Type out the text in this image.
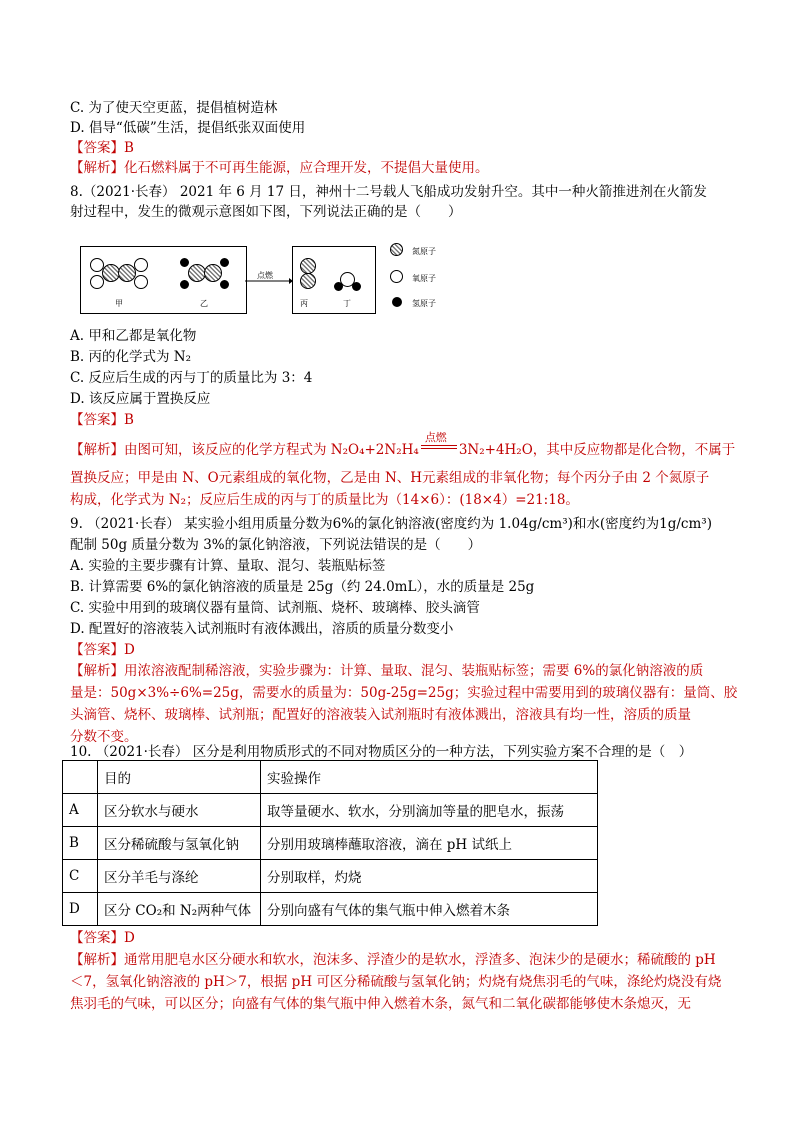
C. 为了使天空更蓝，提倡植树造林
D. 倡导“低碳”生活，提倡纸张双面使用
【答案】B
【解析】化石燃料属于不可再生能源，应合理开发，不提倡大量使用。
8.（2021·长春） 2021 年 6 月 17 日，神州十二号载人飞船成功发射升空。其中一种火箭推进剂在火箭发
射过程中，发生的微观示意图如下图，下列说法正确的是（　　）
甲	乙
点燃
丙	丁
氮原子
氧原子
氢原子
A. 甲和乙都是氧化物
B. 丙的化学式为 N₂
C. 反应后生成的丙与丁的质量比为 3：4
D. 该反应属于置换反应
【答案】B
【解析】由图可知，该反应的化学方程式为 N₂O₄+2N₂H₄
点燃
3N₂+4H₂O，其中反应物都是化合物，不属于
置换反应；甲是由 N、O元素组成的氧化物，乙是由 N、H元素组成的非氧化物；每个丙分子由 2 个氮原子
构成，化学式为 N₂；反应后生成的丙与丁的质量比为（14×6）：(18×4）=21:18。
9. （2021·长春） 某实验小组用质量分数为6%的氯化钠溶液(密度约为 1.04g/cm³)和水(密度约为1g/cm³)
配制 50g 质量分数为 3%的氯化钠溶液，下列说法错误的是（　　）
A. 实验的主要步骤有计算、量取、混匀、装瓶贴标签
B. 计算需要 6%的氯化钠溶液的质量是 25g（约 24.0mL），水的质量是 25g
C. 实验中用到的玻璃仪器有量筒、试剂瓶、烧杯、玻璃棒、胶头滴管
D. 配置好的溶液装入试剂瓶时有液体溅出，溶质的质量分数变小
【答案】D
【解析】用浓溶液配制稀溶液，实验步骤为：计算、量取、混匀、装瓶贴标签；需要 6%的氯化钠溶液的质
量是：50g×3%÷6%=25g，需要水的质量为：50g-25g=25g；实验过程中需要用到的玻璃仪器有：量筒、胶
头滴管、烧杯、玻璃棒、试剂瓶；配置好的溶液装入试剂瓶时有液体溅出，溶液具有均一性，溶质的质量
分数不变。
10. （2021·长春） 区分是利用物质形式的不同对物质区分的一种方法，下列实验方案不合理的是（　）
	目的	实验操作
A	区分软水与硬水	取等量硬水、软水，分别滴加等量的肥皂水，振荡
B	区分稀硫酸与氢氧化钠	分别用玻璃棒蘸取溶液，滴在 pH 试纸上
C	区分羊毛与涤纶	分别取样，灼烧
D	区分 CO₂和 N₂两种气体	分别向盛有气体的集气瓶中伸入燃着木条
【答案】D
【解析】通常用肥皂水区分硬水和软水，泡沫多、浮渣少的是软水，浮渣多、泡沫少的是硬水；稀硫酸的 pH
＜7，氢氧化钠溶液的 pH＞7，根据 pH 可区分稀硫酸与氢氧化钠；灼烧有烧焦羽毛的气味，涤纶灼烧没有烧
焦羽毛的气味，可以区分；向盛有气体的集气瓶中伸入燃着木条，氮气和二氧化碳都能够使木条熄灭，无
